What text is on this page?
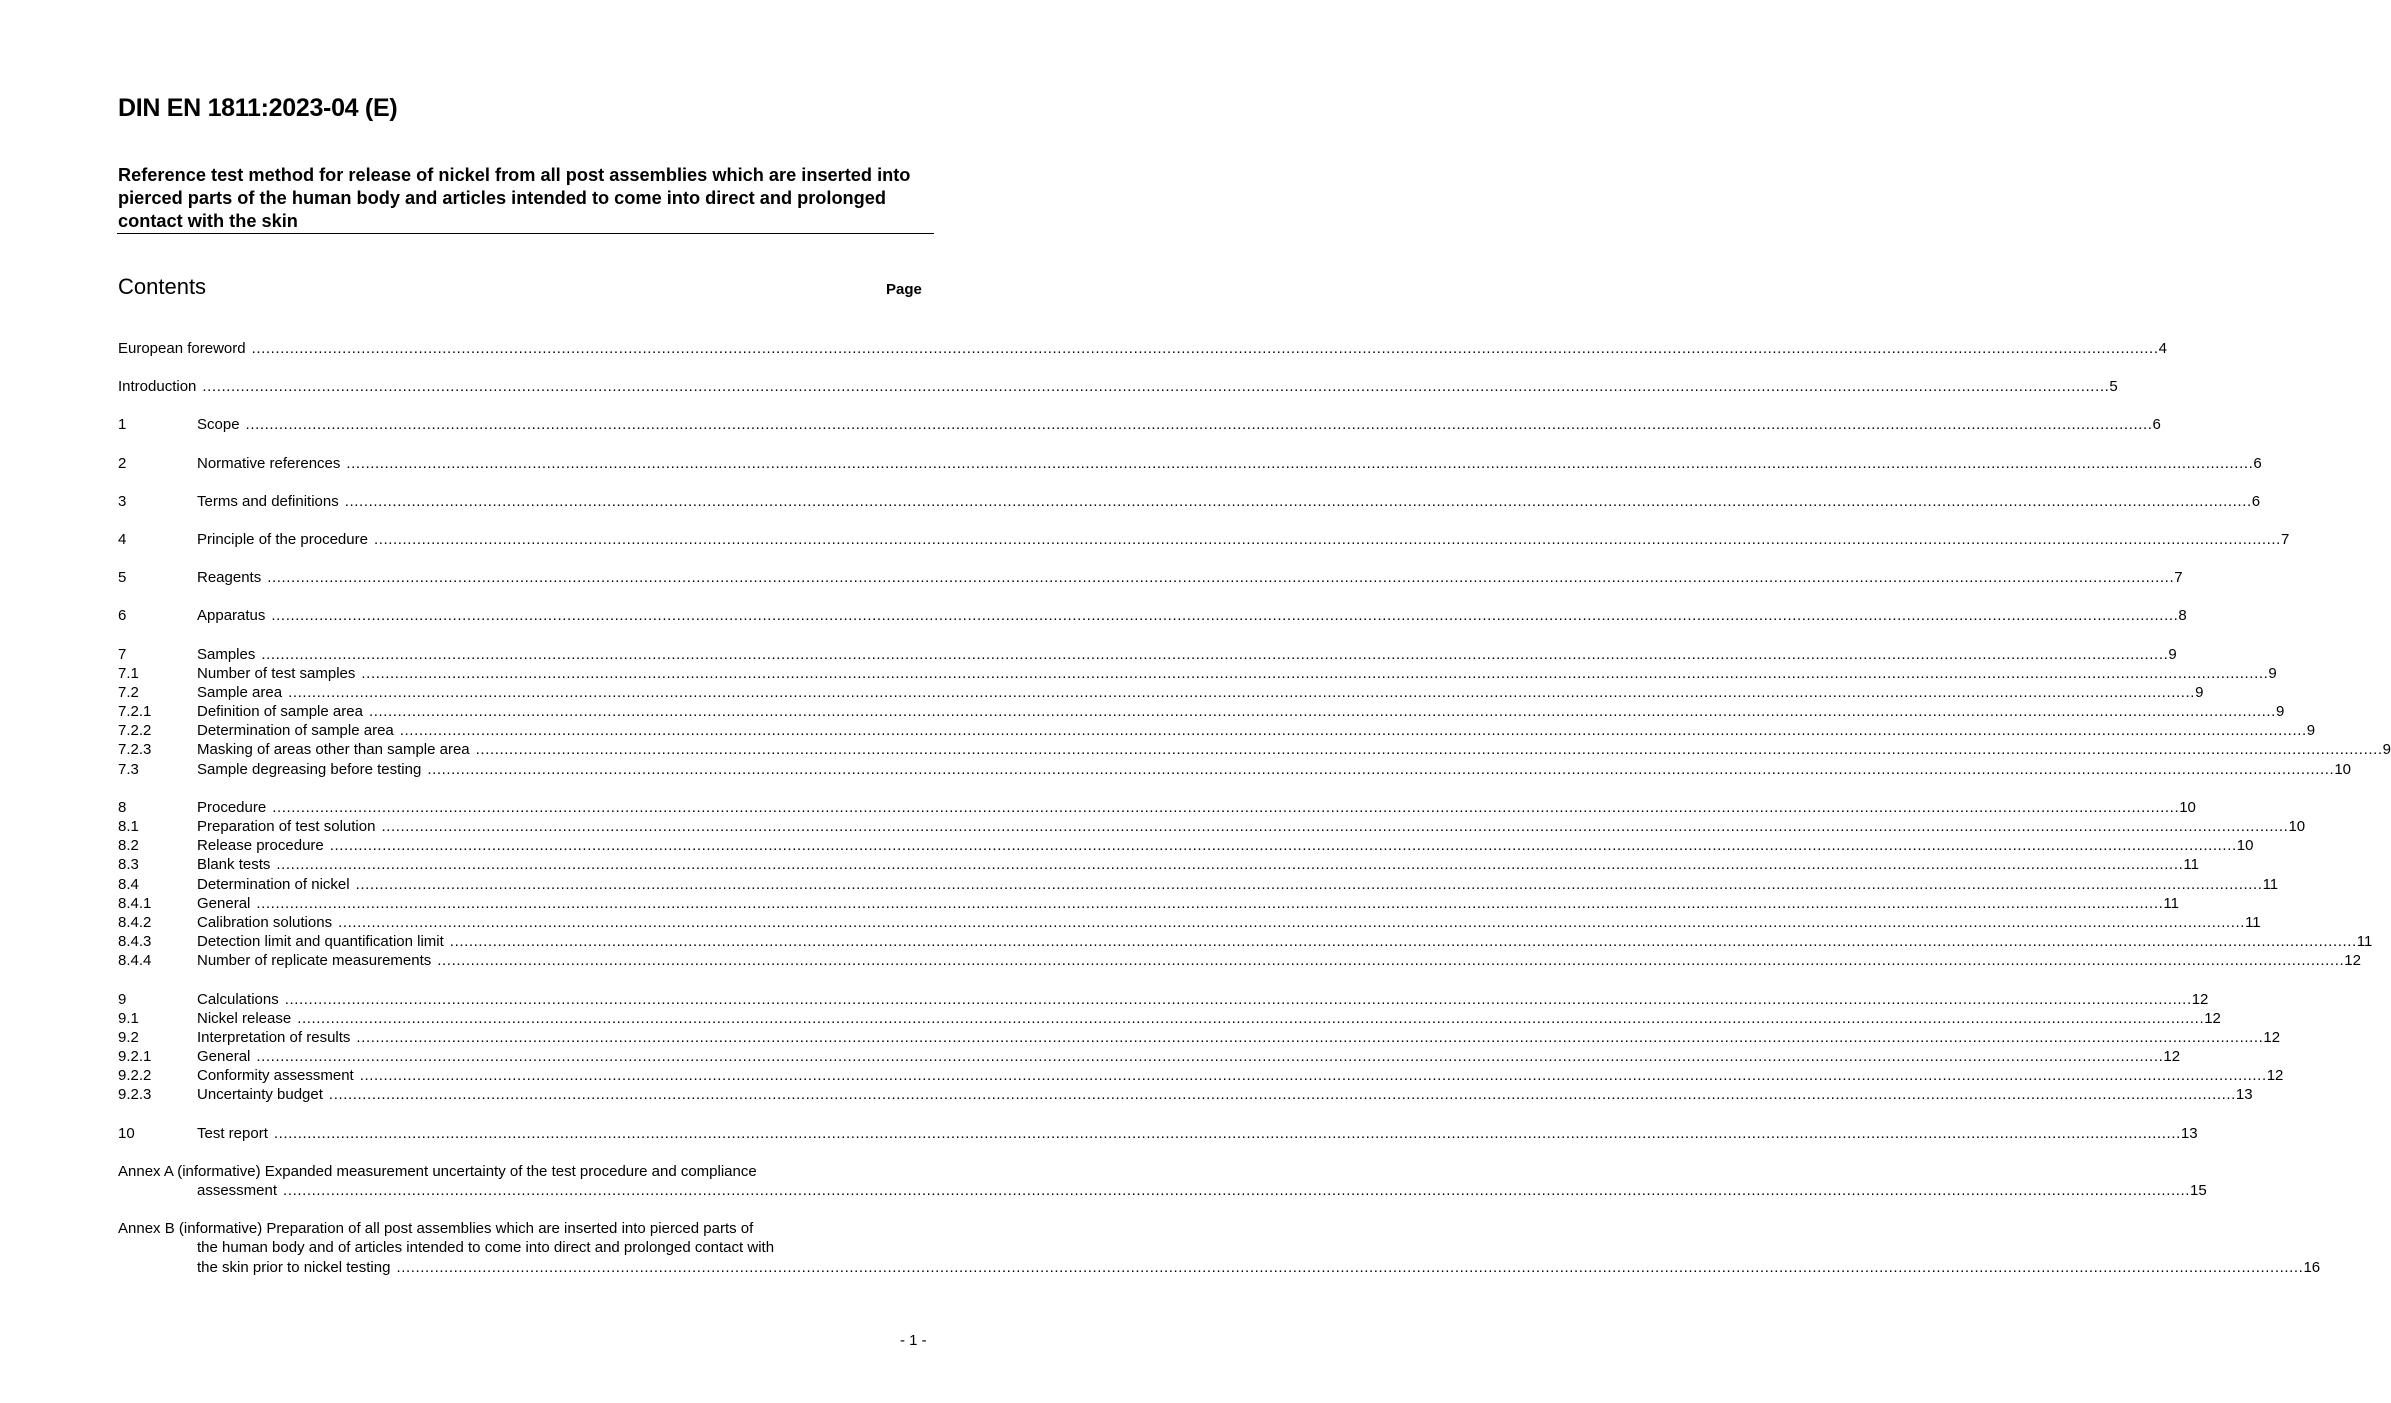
DIN EN 1811:2023-04 (E)
Reference test method for release of nickel from all post assemblies which are inserted into pierced parts of the human body and articles intended to come into direct and prolonged contact with the skin
Contents	Page
European foreword ................................................................................................................................................................................................................................................................................................................................................................................................................ 4
Introduction ................................................................................................................................................................................................................................................................................................................................................................................................................ 5
1	Scope ................................................................................................................................................................................................................................................................................................................................................................................................................ 6
2	Normative references ................................................................................................................................................................................................................................................................................................................................................................................................................ 6
3	Terms and definitions ................................................................................................................................................................................................................................................................................................................................................................................................................ 6
4	Principle of the procedure ................................................................................................................................................................................................................................................................................................................................................................................................................ 7
5	Reagents ................................................................................................................................................................................................................................................................................................................................................................................................................ 7
6	Apparatus ................................................................................................................................................................................................................................................................................................................................................................................................................ 8
7	Samples ................................................................................................................................................................................................................................................................................................................................................................................................................ 9
7.1	Number of test samples ................................................................................................................................................................................................................................................................................................................................................................................................................ 9
7.2	Sample area ................................................................................................................................................................................................................................................................................................................................................................................................................ 9
7.2.1	Definition of sample area ................................................................................................................................................................................................................................................................................................................................................................................................................ 9
7.2.2	Determination of sample area ................................................................................................................................................................................................................................................................................................................................................................................................................ 9
7.2.3	Masking of areas other than sample area ................................................................................................................................................................................................................................................................................................................................................................................................................ 9
7.3	Sample degreasing before testing ................................................................................................................................................................................................................................................................................................................................................................................................................ 10
8	Procedure ................................................................................................................................................................................................................................................................................................................................................................................................................ 10
8.1	Preparation of test solution ................................................................................................................................................................................................................................................................................................................................................................................................................ 10
8.2	Release procedure ................................................................................................................................................................................................................................................................................................................................................................................................................ 10
8.3	Blank tests ................................................................................................................................................................................................................................................................................................................................................................................................................ 11
8.4	Determination of nickel ................................................................................................................................................................................................................................................................................................................................................................................................................ 11
8.4.1	General ................................................................................................................................................................................................................................................................................................................................................................................................................ 11
8.4.2	Calibration solutions ................................................................................................................................................................................................................................................................................................................................................................................................................ 11
8.4.3	Detection limit and quantification limit ................................................................................................................................................................................................................................................................................................................................................................................................................ 11
8.4.4	Number of replicate measurements ................................................................................................................................................................................................................................................................................................................................................................................................................ 12
9	Calculations ................................................................................................................................................................................................................................................................................................................................................................................................................ 12
9.1	Nickel release ................................................................................................................................................................................................................................................................................................................................................................................................................ 12
9.2	Interpretation of results ................................................................................................................................................................................................................................................................................................................................................................................................................ 12
9.2.1	General ................................................................................................................................................................................................................................................................................................................................................................................................................ 12
9.2.2	Conformity assessment ................................................................................................................................................................................................................................................................................................................................................................................................................ 12
9.2.3	Uncertainty budget ................................................................................................................................................................................................................................................................................................................................................................................................................ 13
10	Test report ................................................................................................................................................................................................................................................................................................................................................................................................................ 13
Annex A (informative) Expanded measurement uncertainty of the test procedure and compliance
assessment ................................................................................................................................................................................................................................................................................................................................................................................................................ 15
Annex B (informative) Preparation of all post assemblies which are inserted into pierced parts of
the human body and of articles intended to come into direct and prolonged contact with
the skin prior to nickel testing ................................................................................................................................................................................................................................................................................................................................................................................................................ 16
- 1 -
